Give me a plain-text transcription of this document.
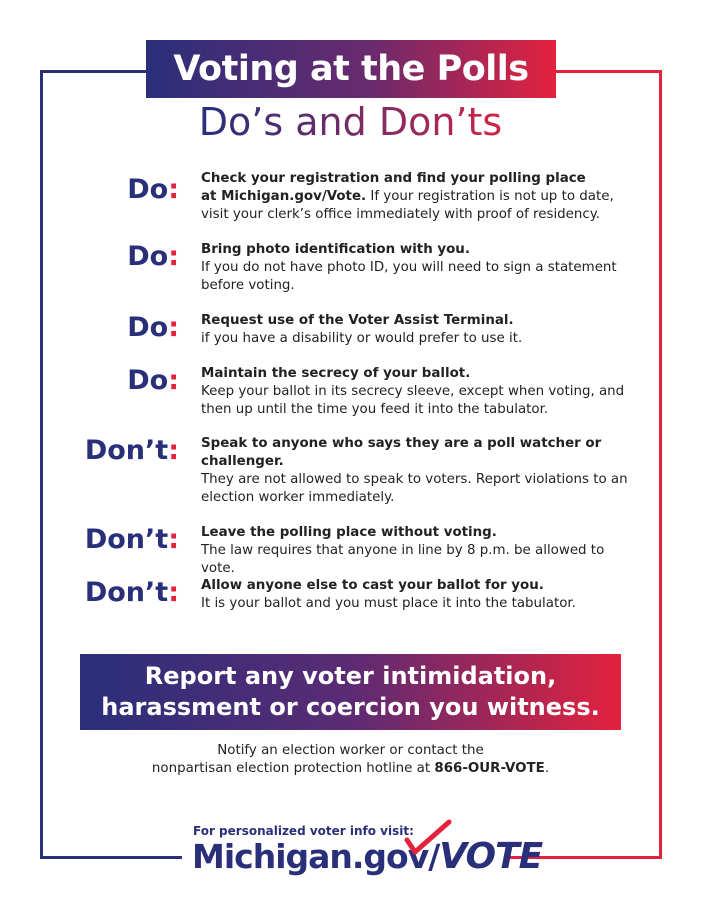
Voting at the Polls
Do’s and Don’ts
Do: Check your registration and find your polling place
at Michigan.gov/Vote. If your registration is not up to date, visit your clerk’s office immediately with proof of residency.
Do: Bring photo identification with you.
If you do not have photo ID, you will need to sign a statement before voting.
Do: Request use of the Voter Assist Terminal.
if you have a disability or would prefer to use it.
Do: Maintain the secrecy of your ballot.
Keep your ballot in its secrecy sleeve, except when voting, and then up until the time you feed it into the tabulator.
Don’t: Speak to anyone who says they are a poll watcher or challenger.
They are not allowed to speak to voters. Report violations to an election worker immediately.
Don’t: Leave the polling place without voting.
The law requires that anyone in line by 8 p.m. be allowed to vote.
Don’t: Allow anyone else to cast your ballot for you.
It is your ballot and you must place it into the tabulator.
Report any voter intimidation,
harassment or coercion you witness.
Notify an election worker or contact the
nonpartisan election protection hotline at 866-OUR-VOTE.
For personalized voter info visit:
Michigan.gov/VOTE
